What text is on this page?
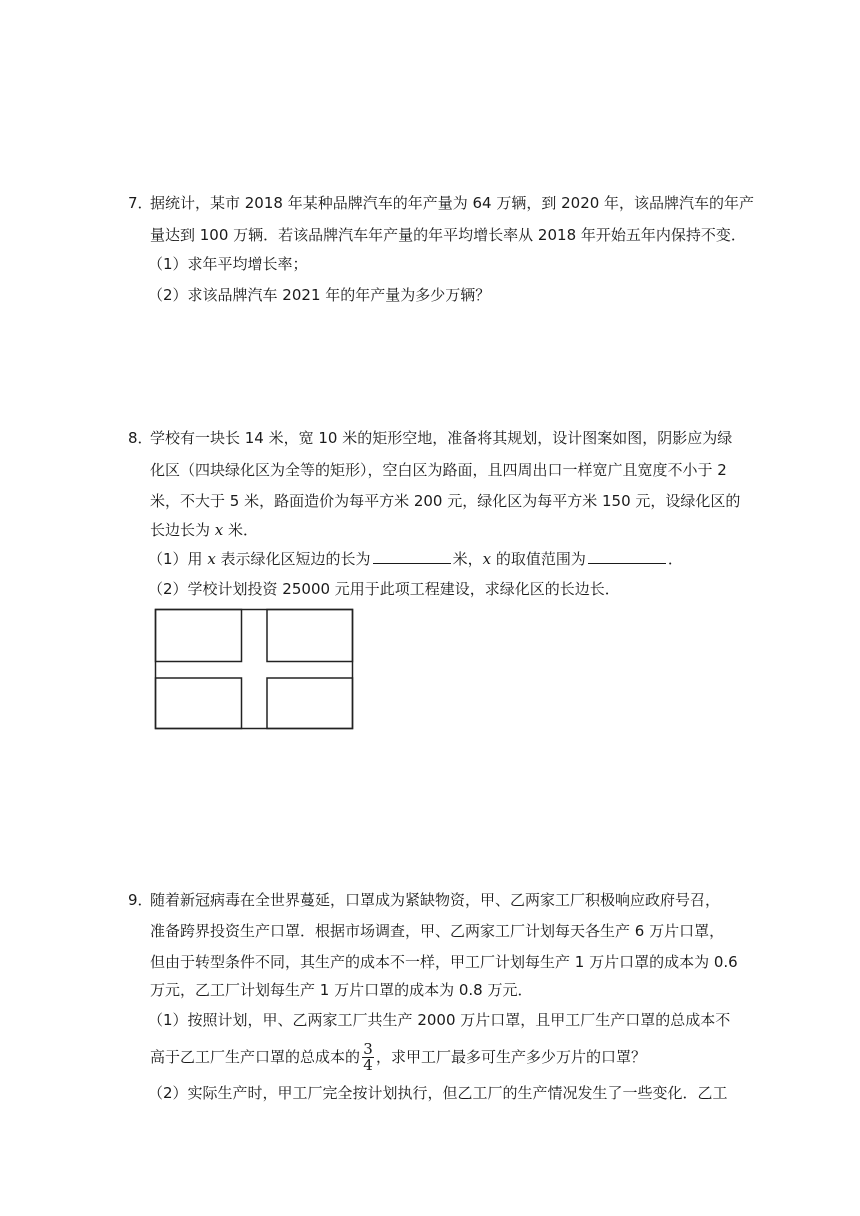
7．
据统计，某市 2018 年某种品牌汽车的年产量为 64 万辆，到 2020 年，该品牌汽车的年产
量达到 100 万辆．若该品牌汽车年产量的年平均增长率从 2018 年开始五年内保持不变．
（1）求年平均增长率；
（2）求该品牌汽车 2021 年的年产量为多少万辆？
8．
学校有一块长 14 米，宽 10 米的矩形空地，准备将其规划，设计图案如图，阴影应为绿
化区（四块绿化区为全等的矩形），空白区为路面，且四周出口一样宽广且宽度不小于 2
米，不大于 5 米，路面造价为每平方米 200 元，绿化区为每平方米 150 元，设绿化区的
长边长为 x 米．
（1）用 x 表示绿化区短边的长为	米，x 的取值范围为	．
（2）学校计划投资 25000 元用于此项工程建设，求绿化区的长边长．
9．
随着新冠病毒在全世界蔓延，口罩成为紧缺物资，甲、乙两家工厂积极响应政府号召，
准备跨界投资生产口罩．根据市场调查，甲、乙两家工厂计划每天各生产 6 万片口罩，
但由于转型条件不同，其生产的成本不一样，甲工厂计划每生产 1 万片口罩的成本为 0.6
万元，乙工厂计划每生产 1 万片口罩的成本为 0.8 万元．
（1）按照计划，甲、乙两家工厂共生产 2000 万片口罩，且甲工厂生产口罩的总成本不
高于乙工厂生产口罩的总成本的 $\frac{3}{4}$ ，求甲工厂最多可生产多少万片的口罩？
（2）实际生产时，甲工厂完全按计划执行，但乙工厂的生产情况发生了一些变化．乙工
